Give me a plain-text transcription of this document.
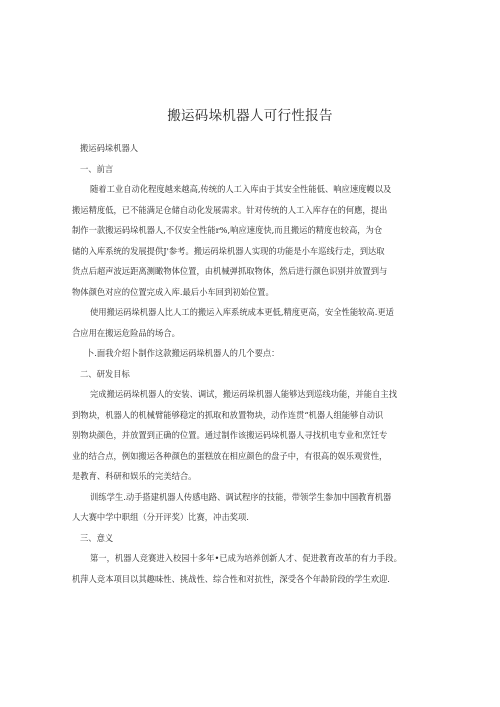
搬运码垛机器人可行性报告
搬运码垛机器人
一、前言
随着工业自动化程度越来越高,传统的人工入库由于其安全性能低、响应速度幔以及
搬运精度低，已不能满足仓储自动化发展需求。针对传统的人工入库存在的何應，提出
制作一款搬运码垛机器人,不仅安全性能r%,响应速度快,而且搬运的精度也较高，为仓
储的入库系统的发展提供J'参考。搬运码垛机器人实现的功能是小车巡线行走，到达取
货点后超声波远距离测瞰物体位置，由机械弹抓取物体，然后进行颜色识别并放置到与
物体颜色对应的位置完成入库.最后小车回到初始位置。
使用搬运码垛机器人比人工的搬运入库系统成本更低,精度更高，安全性能较高.更适
合应用在搬运危险品的场合。
卜.面我介绍卜制作这款搬运码垛机器人的几个要点：
二、研发目标
完成搬运码垛机器人的安装、调试，搬运码垛机器人能够达到巡线功能，并能自主找
到物块，机器人的机械臂能够稳定的抓取和放置物块，动作连贯“机器人组能够自动识
别物块颜色，并放置到正确的位置。通过制作该搬运码垛机器人寻找机电专业和烹饪专
业的结合点，例如搬运各种颜色的蛋糕放在相应颜色的盘子中，有很高的娱乐观赏性，
是教育、科研和娱乐的完美结合。
训练学生.动手搭建机器人传感电路、调试程序的技能，带领学生参加中国教育机器
人大赛中学中职组（分开评奖）比赛，冲击奖项.
三、意义
第一，机器人竞赛进入校园十多年•已成为培养创新人才、促进教育改革的有力手段。
机萍人竞本项目以其趣味性、挑战性、综合性和对抗性，深受各个年龄阶段的学生欢迎.
